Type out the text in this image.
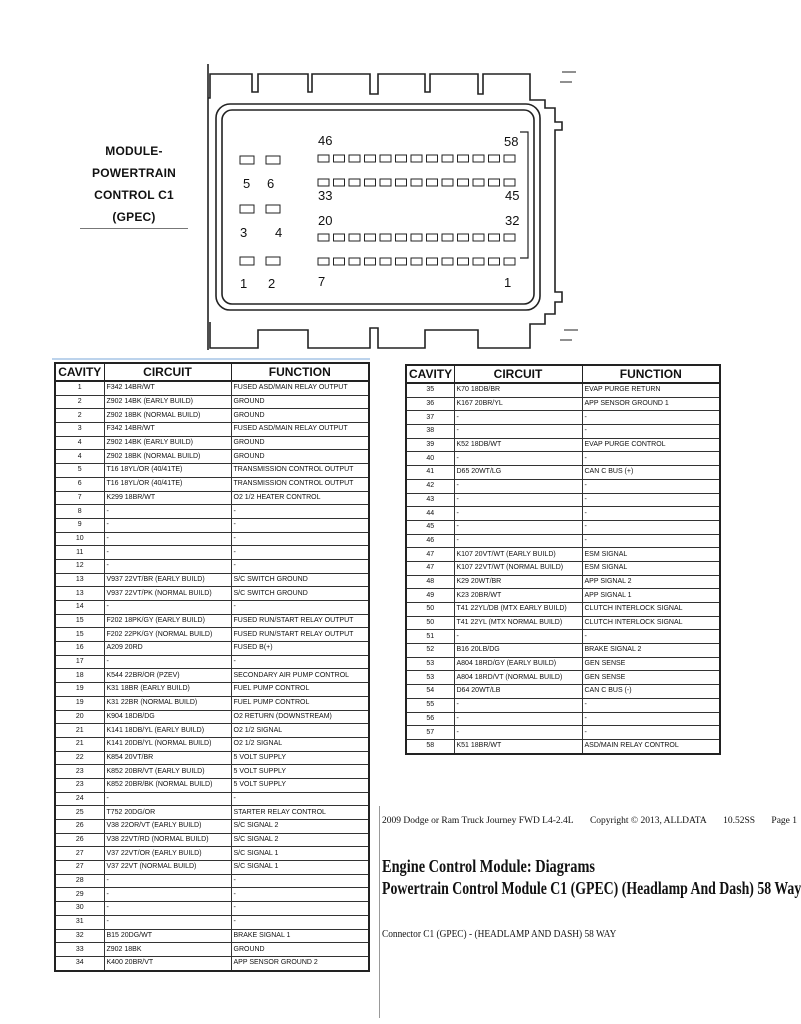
MODULE-
POWERTRAIN
CONTROL C1
(GPEC)
46	58
5 6
33	45
20	32
3 4
1 2	7	1
CAVITY	CIRCUIT	FUNCTION
1	F342 14BR/WT	FUSED ASD/MAIN RELAY OUTPUT
2	Z902 14BK (EARLY BUILD)	GROUND
2	Z902 18BK (NORMAL BUILD)	GROUND
3	F342 14BR/WT	FUSED ASD/MAIN RELAY OUTPUT
4	Z902 14BK (EARLY BUILD)	GROUND
4	Z902 18BK (NORMAL BUILD)	GROUND
5	T16 18YL/OR (40/41TE)	TRANSMISSION CONTROL OUTPUT
6	T16 18YL/OR (40/41TE)	TRANSMISSION CONTROL OUTPUT
7	K299 18BR/WT	O2 1/2 HEATER CONTROL
8	-	-
9	-	-
10	-	-
11	-	-
12	-	-
13	V937 22VT/BR (EARLY BUILD)	S/C SWITCH GROUND
13	V937 22VT/PK (NORMAL BUILD)	S/C SWITCH GROUND
14	-	-
15	F202 18PK/GY (EARLY BUILD)	FUSED RUN/START RELAY OUTPUT
15	F202 22PK/GY (NORMAL BUILD)	FUSED RUN/START RELAY OUTPUT
16	A209 20RD	FUSED B(+)
17	-	-
18	K544 22BR/OR (PZEV)	SECONDARY AIR PUMP CONTROL
19	K31 18BR (EARLY BUILD)	FUEL PUMP CONTROL
19	K31 22BR (NORMAL BUILD)	FUEL PUMP CONTROL
20	K904 18DB/DG	O2 RETURN (DOWNSTREAM)
21	K141 18DB/YL (EARLY BUILD)	O2 1/2 SIGNAL
21	K141 20DB/YL (NORMAL BUILD)	O2 1/2 SIGNAL
22	K854 20VT/BR	5 VOLT SUPPLY
23	K852 20BR/VT (EARLY BUILD)	5 VOLT SUPPLY
23	K852 20BR/BK (NORMAL BUILD)	5 VOLT SUPPLY
24	-	-
25	T752 20DG/OR	STARTER RELAY CONTROL
26	V38 22OR/VT (EARLY BUILD)	S/C SIGNAL 2
26	V38 22VT/RD (NORMAL BUILD)	S/C SIGNAL 2
27	V37 22VT/OR (EARLY BUILD)	S/C SIGNAL 1
27	V37 22VT (NORMAL BUILD)	S/C SIGNAL 1
28	-	-
29	-	-
30	-	-
31	-	-
32	B15 20DG/WT	BRAKE SIGNAL 1
33	Z902 18BK	GROUND
34	K400 20BR/VT	APP SENSOR GROUND 2
CAVITY	CIRCUIT	FUNCTION
35	K70 18DB/BR	EVAP PURGE RETURN
36	K167 20BR/YL	APP SENSOR GROUND 1
37	-	-
38	-	-
39	K52 18DB/WT	EVAP PURGE CONTROL
40	-	-
41	D65 20WT/LG	CAN C BUS (+)
42	-	-
43	-	-
44	-	-
45	-	-
46	-	-
47	K107 20VT/WT (EARLY BUILD)	ESM SIGNAL
47	K107 22VT/WT (NORMAL BUILD)	ESM SIGNAL
48	K29 20WT/BR	APP SIGNAL 2
49	K23 20BR/WT	APP SIGNAL 1
50	T41 22YL/DB (MTX EARLY BUILD)	CLUTCH INTERLOCK SIGNAL
50	T41 22YL (MTX NORMAL BUILD)	CLUTCH INTERLOCK SIGNAL
51	-	-
52	B16 20LB/DG	BRAKE SIGNAL 2
53	A804 18RD/GY (EARLY BUILD)	GEN SENSE
53	A804 18RD/VT (NORMAL BUILD)	GEN SENSE
54	D64 20WT/LB	CAN C BUS (-)
55	-	-
56	-	-
57	-	-
58	K51 18BR/WT	ASD/MAIN RELAY CONTROL
2009 Dodge or Ram Truck Journey FWD L4-2.4L Copyright © 2013, ALLDATA 10.52SS Page 1
Engine Control Module: Diagrams
Powertrain Control Module C1 (GPEC) (Headlamp And Dash) 58 Way
Connector C1 (GPEC) - (HEADLAMP AND DASH) 58 WAY
